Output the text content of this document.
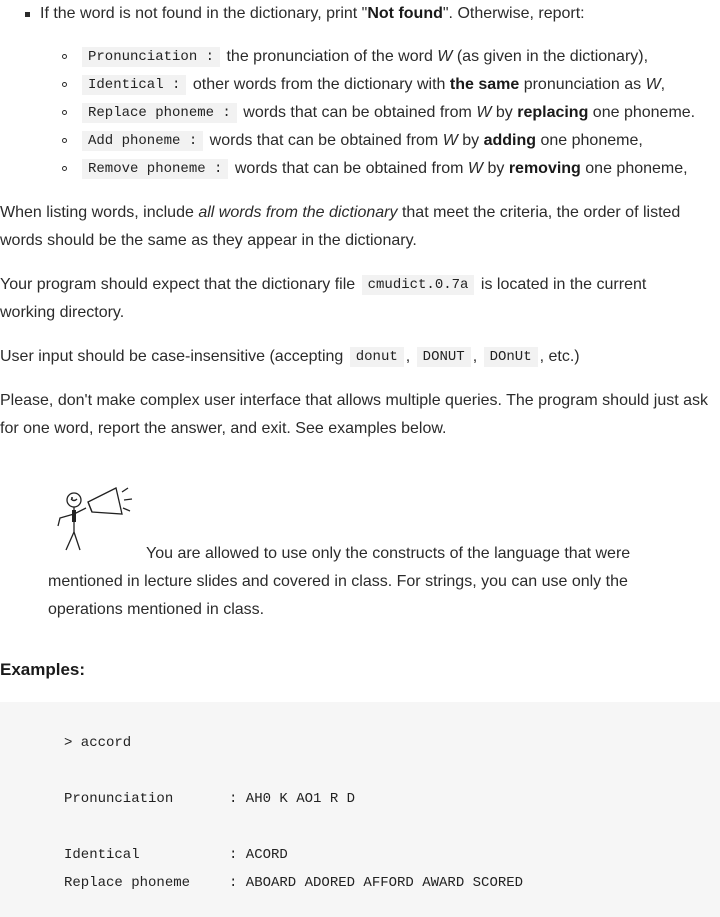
If the word is not found in the dictionary, print "Not found". Otherwise, report:
Pronunciation : the pronunciation of the word W (as given in the dictionary),
Identical : other words from the dictionary with the same pronunciation as W,
Replace phoneme : words that can be obtained from W by replacing one phoneme.
Add phoneme : words that can be obtained from W by adding one phoneme,
Remove phoneme : words that can be obtained from W by removing one phoneme,
When listing words, include all words from the dictionary that meet the criteria, the order of listed
words should be the same as they appear in the dictionary.
Your program should expect that the dictionary file cmudict.0.7a is located in the current
working directory.
User input should be case-insensitive (accepting donut , DONUT , DOnUt , etc.)
Please, don't make complex user interface that allows multiple queries. The program should just ask
for one word, report the answer, and exit. See examples below.
You are allowed to use only the constructs of the language that were
mentioned in lecture slides and covered in class. For strings, you can use only the
operations mentioned in class.
Examples:
> accord
Pronunciation	: AH0 K AO1 R D
Identical	: ACORD
Replace phoneme	: ABOARD ADORED AFFORD AWARD SCORED
